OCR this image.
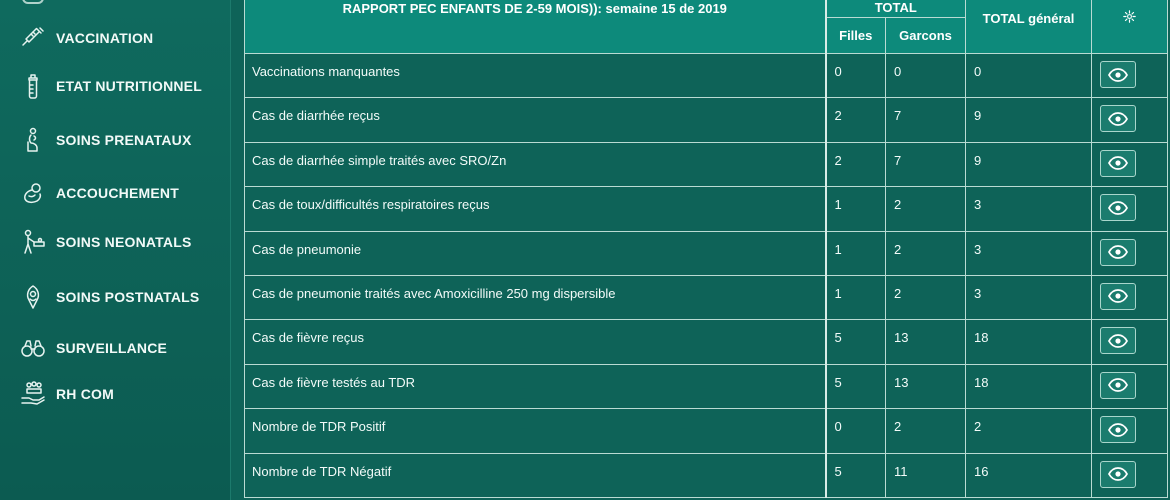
VACCINATION
ETAT NUTRITIONNEL
SOINS PRENATAUX
ACCOUCHEMENT
SOINS NEONATALS
SOINS POSTNATALS
SURVEILLANCE
RH COM
RAPPORT PEC ENFANTS DE 2-59 MOIS)): semaine 15 de 2019	TOTAL		TOTAL général	
	Filles	Garcons		
Vaccinations manquantes	0	0	0	

Cas de diarrhée reçus	2	7	9	

Cas de diarrhée simple traités avec SRO/Zn	2	7	9	

Cas de toux/difficultés respiratoires reçus	1	2	3	

Cas de pneumonie	1	2	3	

Cas de pneumonie traités avec Amoxicilline 250 mg dispersible	1	2	3	

Cas de fièvre reçus	5	13	18	

Cas de fièvre testés au TDR	5	13	18	

Nombre de TDR Positif	0	2	2	

Nombre de TDR Négatif	5	11	16	
